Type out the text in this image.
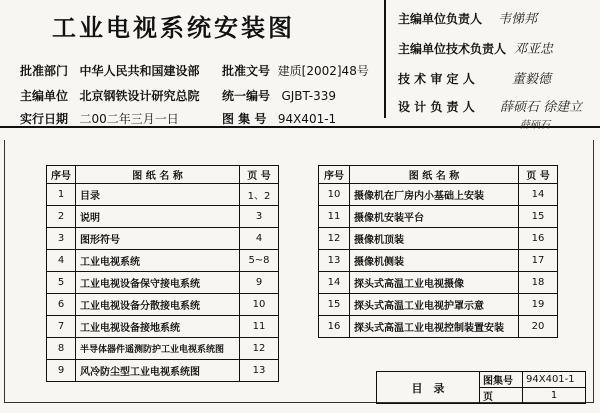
工业电视系统安装图
批准部门 中华人民共和国建设部
主编单位 北京钢铁设计研究总院
实行日期 二00二年三月一日
批准文号 建质[2002]48号
统一编号 GJBT-339
图 集 号 94X401-1
主编单位负责人 韦悌邦
主编单位技术负责人 邓亚忠
技 术 审 定 人	董毅德
设 计 负 责 人 薛硕石 徐建立
薛硕石
序号	图 纸 名 称	页 号
1	目录	1、2
2	说明	3
3	图形符号	4
4	工业电视系统	5~8
5	工业电视设备保守接电系统	9
6	工业电视设备分散接电系统	10
7	工业电视设备接地系统	11
8	半导体器件遥测防护工业电视系统图	12
9	风冷防尘型工业电视系统图	13
序号	图 纸 名 称	页 号
10	摄像机在厂房内小基础上安装	14
11	摄像机安装平台	15
12	摄像机顶装	16
13	摄像机侧装	17
14	探头式高温工业电视摄像	18
15	探头式高温工业电视护罩示意	19
16	探头式高温工业电视控制装置安装	20
目　录	图集号	94X401-1
	页	1
